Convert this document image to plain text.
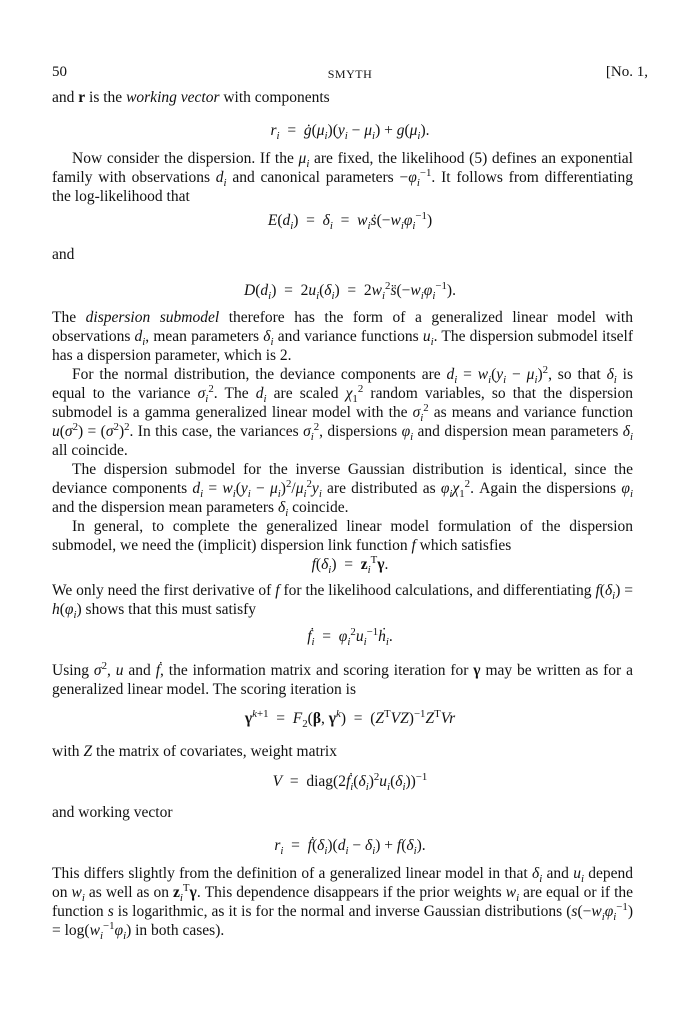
50	SMYTH	[No. 1,
and r is the working vector with components
$r_i$  =  $ġ(\mu_i)(y_i - \mu_i) + g(\mu_i)$.

Now consider the dispersion. If the $\mu_i$ are fixed, the likelihood (5) defines an exponential family with observations $d_i$ and canonical parameters $-\varphi_i^{-1}$. It follows from differentiating the log-likelihood that

$E(d_i) = \delta_i$  =  $w_iṡ(-w_i\varphi_i^{-1})$
and
$D(d_i) = 2u_i(\delta_i)$  =  $2w_i^2s̈(-w_i\varphi_i^{-1})$.

The dispersion submodel therefore has the form of a generalized linear model with observations $d_i$, mean parameters $\delta_i$ and variance functions $u_i$. The dispersion submodel itself has a dispersion parameter, which is 2.

For the normal distribution, the deviance components are $d_i = w_i(y_i - \mu_i)^2$, so that $\delta_i$ is equal to the variance $\sigma_i^2$. The $d_i$ are scaled $\chi_1^2$ random variables, so that the dispersion submodel is a gamma generalized linear model with the $\sigma_i^2$ as means and variance function $u(\sigma^2) = (\sigma^2)^2$. In this case, the variances $\sigma_i^2$, dispersions $\varphi_i$ and dispersion mean parameters $\delta_i$ all coincide.

The dispersion submodel for the inverse Gaussian distribution is identical, since the deviance components $d_i = w_i(y_i - \mu_i)^2/\mu_i^2y_i$ are distributed as $\varphi_i\chi_1^2$. Again the dispersions $\varphi_i$ and the dispersion mean parameters $\delta_i$ coincide.

In general, to complete the generalized linear model formulation of the dispersion submodel, we need the (implicit) dispersion link function f which satisfies

$f(\delta_i) = z_i^T\gamma$.

We only need the first derivative of f for the likelihood calculations, and differentiating $f(\delta_i) = h(\varphi_i)$ shows that this must satisfy

ḟ$_i$  =  $\varphi_i^2u_i^{-1}ḣ_i$.

Using $\sigma^2$, u and ḟ, the information matrix and scoring iteration for γ may be written as for a generalized linear model. The scoring iteration is

$\gamma^{k+1} = F_2(\beta$, $\gamma^k) = (Z^TVZ)^{-1}Z^TVr$
with Z the matrix of covariates, weight matrix
$V = diag(2ḟ_i(\delta_i)^2u_i(\delta_i))^{-1}$
and working vector
$r_i$  =  $ḟ(\delta_i)(d_i - \delta_i) + f(\delta_i)$.

This differs slightly from the definition of a generalized linear model in that $\delta_i$ and $u_i$ depend on $w_i$ as well as on $z_i^T\gamma$. This dependence disappears if the prior weights $w_i$ are equal or if the function s is logarithmic, as it is for the normal and inverse Gaussian distributions ($s(-w_i\varphi_i^{-1}) = \log(w_i^{-1}\varphi_i)$ in both cases).
